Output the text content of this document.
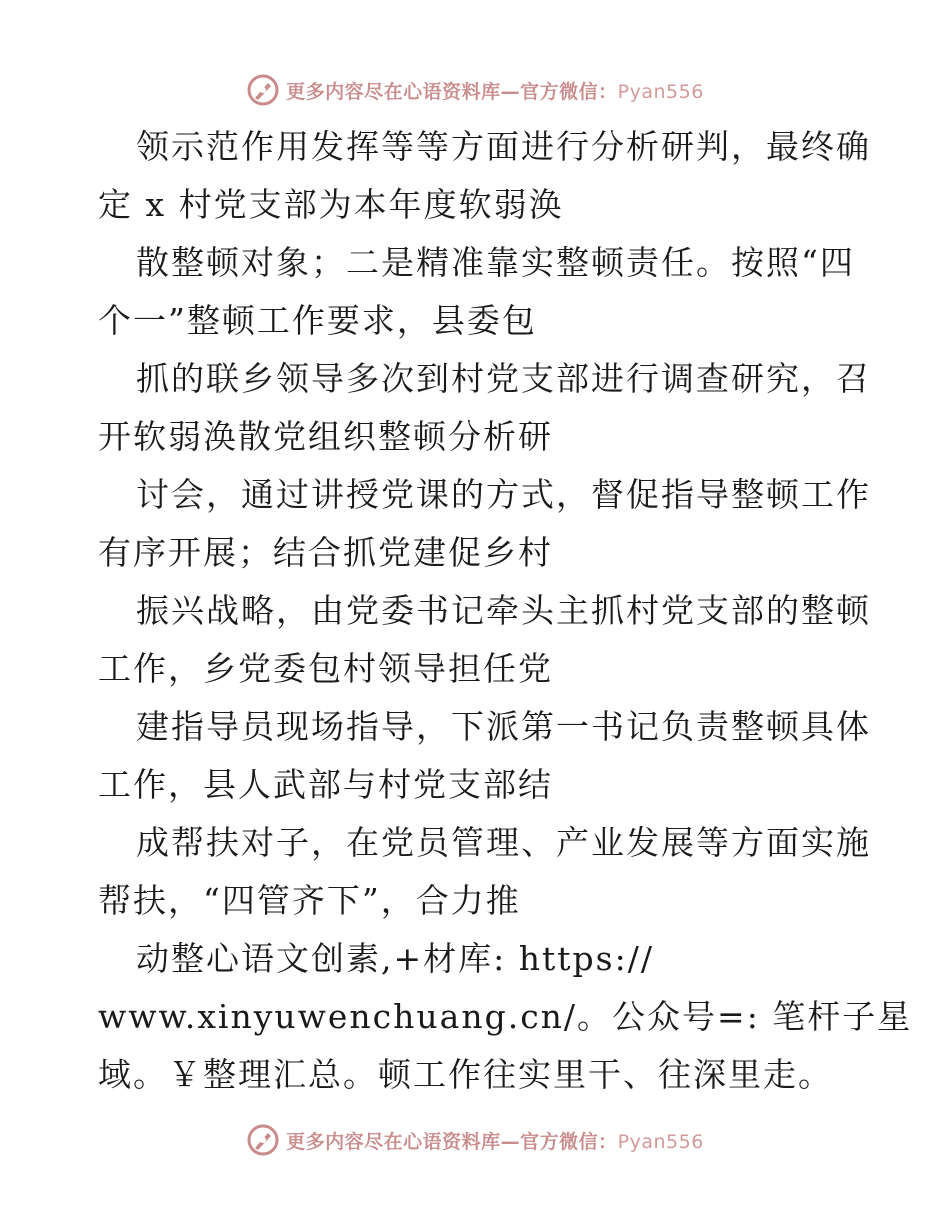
更多内容尽在心语资料库—官方微信：Pyan556
领示范作用发挥等等方面进行分析研判，最终确
定 x 村党支部为本年度软弱涣
散整顿对象；二是精准靠实整顿责任。按照“四
个一”整顿工作要求，县委包
抓的联乡领导多次到村党支部进行调查研究，召
开软弱涣散党组织整顿分析研
讨会，通过讲授党课的方式，督促指导整顿工作
有序开展；结合抓党建促乡村
振兴战略，由党委书记牵头主抓村党支部的整顿
工作，乡党委包村领导担任党
建指导员现场指导，下派第一书记负责整顿具体
工作，县人武部与村党支部结
成帮扶对子，在党员管理、产业发展等方面实施
帮扶，“四管齐下”，合力推
动整心语文创素,+材库: https://
www.xinyuwenchuang.cn/。公众号=: 笔杆子星
域。￥整理汇总。顿工作往实里干、往深里走。
更多内容尽在心语资料库—官方微信：Pyan556
